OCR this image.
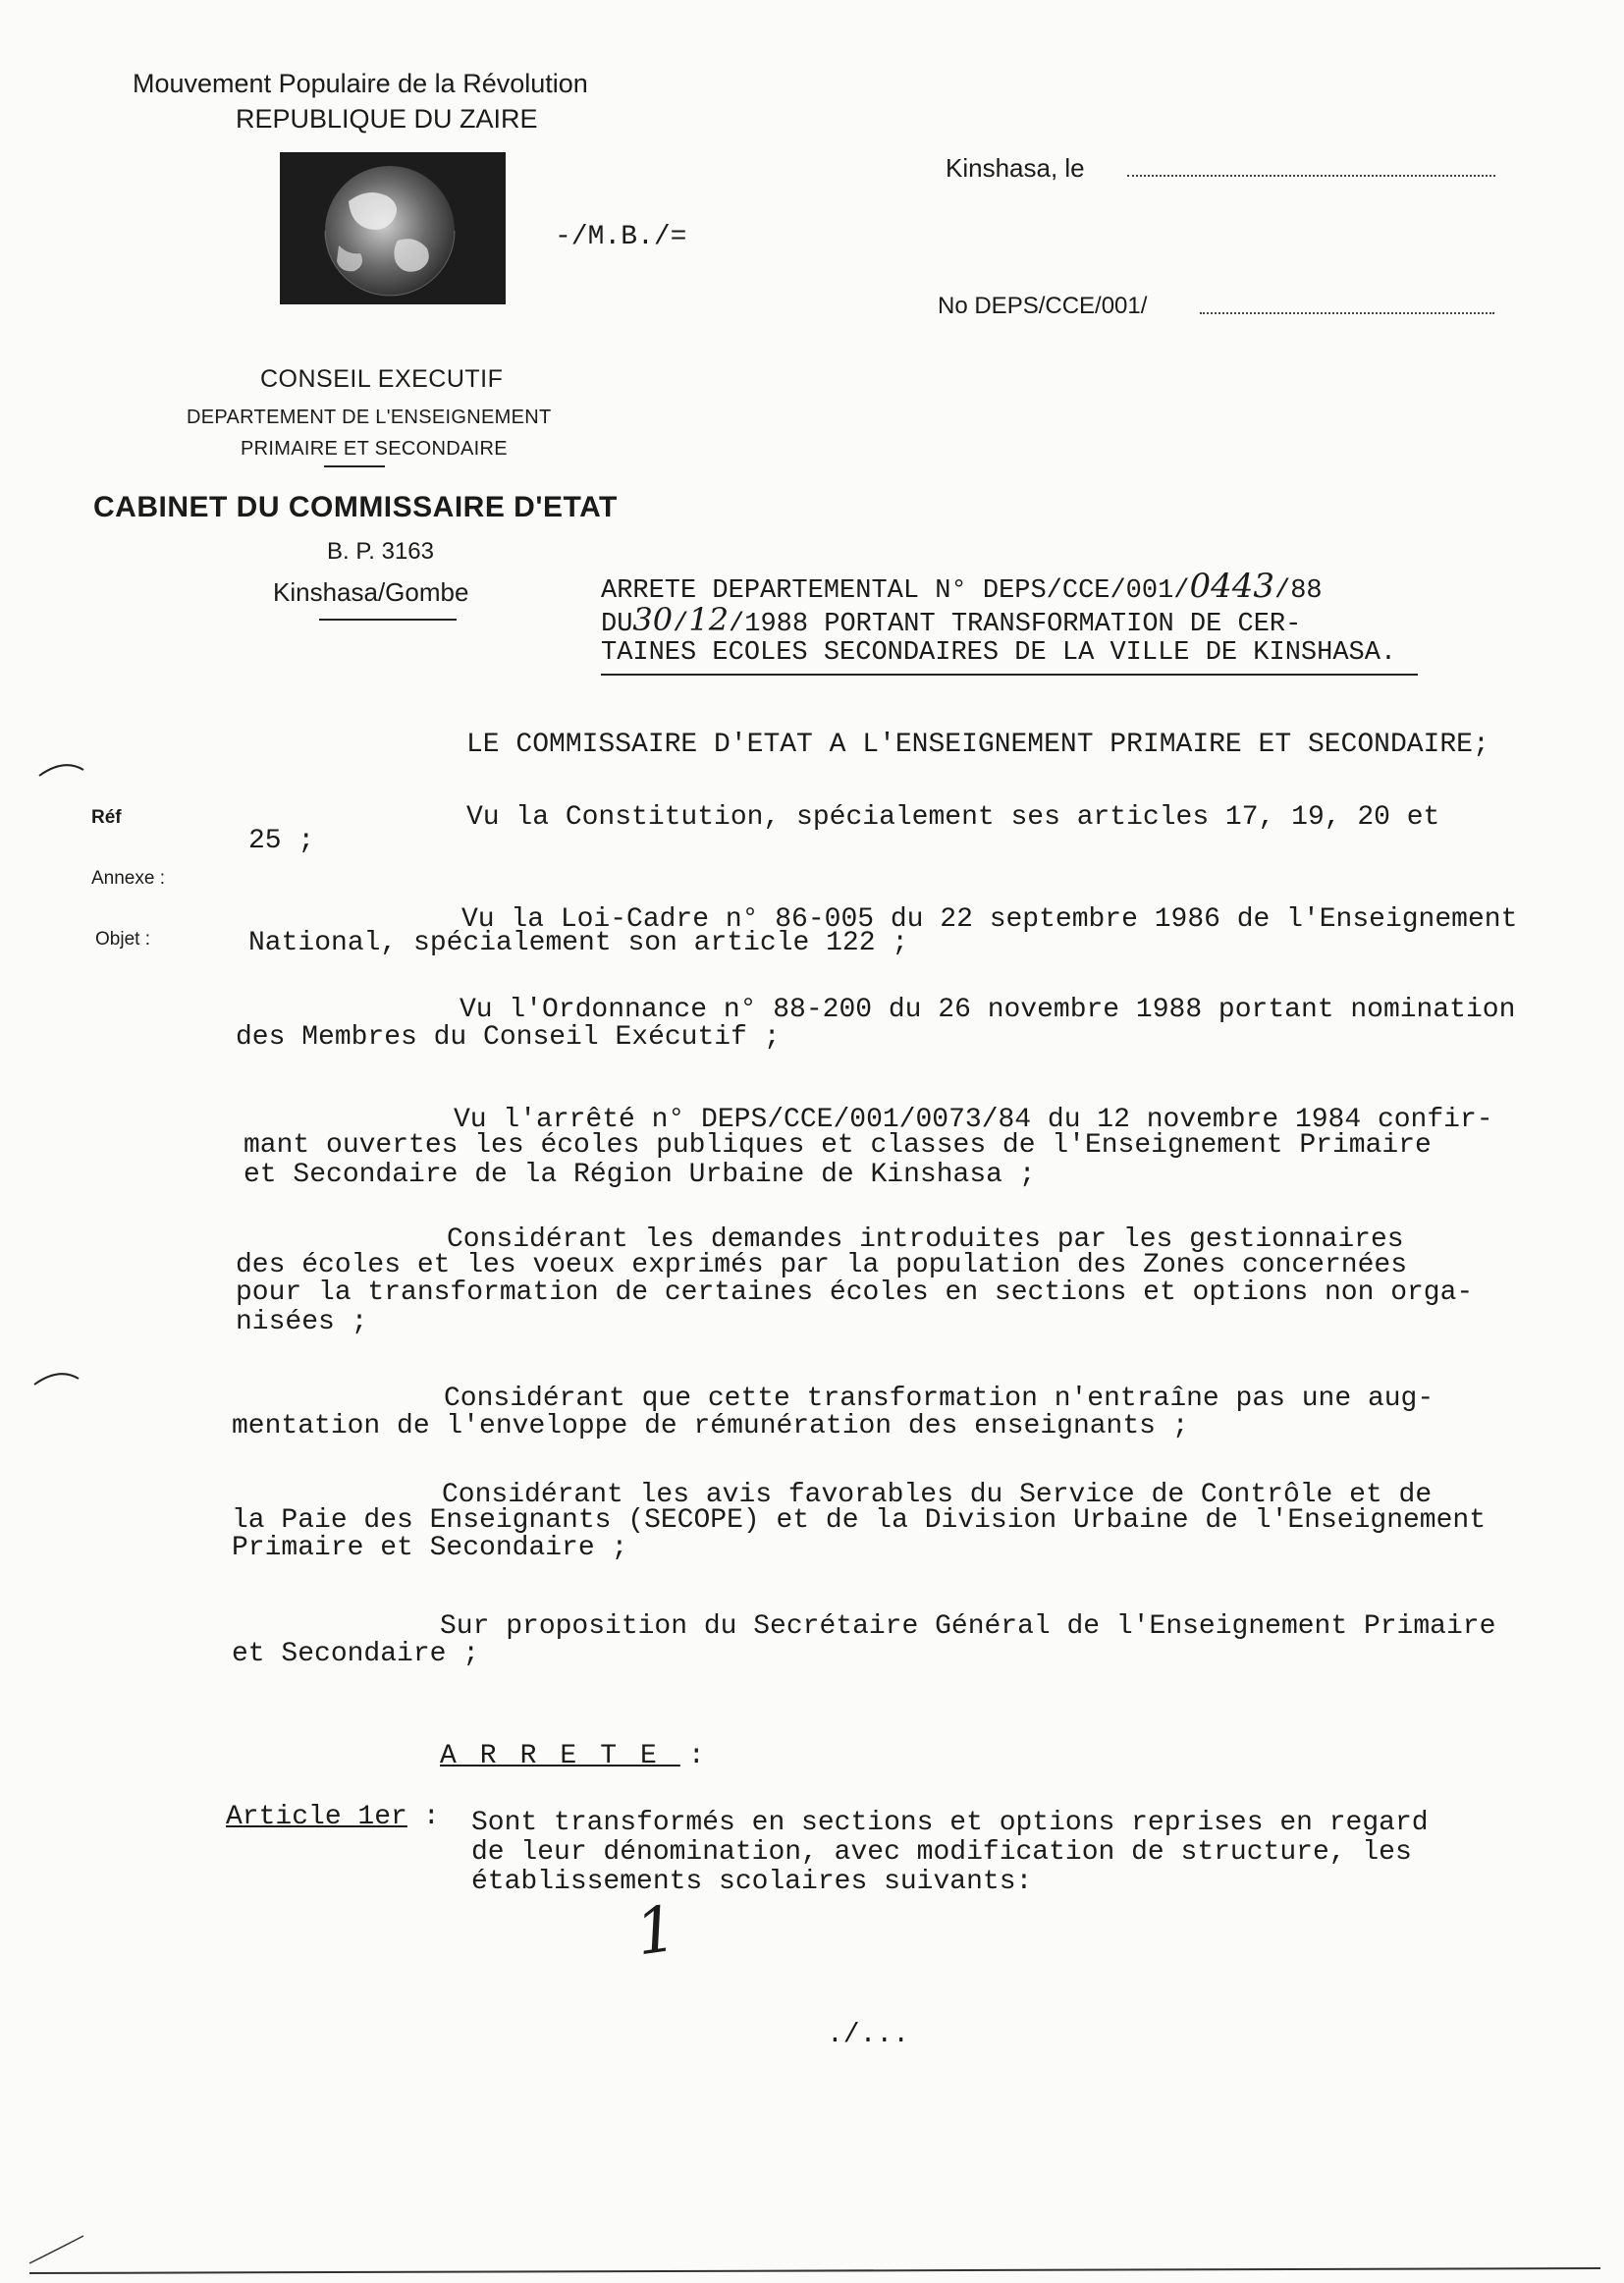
Mouvement Populaire de la Révolution
REPUBLIQUE DU ZAIRE
-/M.B./=
CONSEIL EXECUTIF
DEPARTEMENT DE L'ENSEIGNEMENT
PRIMAIRE ET SECONDAIRE
CABINET DU COMMISSAIRE D'ETAT
B. P. 3163
Kinshasa/Gombe
Kinshasa, le
No DEPS/CCE/001/
ARRETE DEPARTEMENTAL N° DEPS/CCE/001/0443/88
DU30/12/1988 PORTANT TRANSFORMATION DE CER-
TAINES ECOLES SECONDAIRES DE LA VILLE DE KINSHASA.
Réf
Annexe :
Objet :
LE COMMISSAIRE D'ETAT A L'ENSEIGNEMENT PRIMAIRE ET SECONDAIRE;
Vu la Constitution, spécialement ses articles 17, 19, 20 et
25 ;
Vu la Loi-Cadre n° 86-005 du 22 septembre 1986 de l'Enseignement
National, spécialement son article 122 ;
Vu l'Ordonnance n° 88-200 du 26 novembre 1988 portant nomination
des Membres du Conseil Exécutif ;
Vu l'arrêté n° DEPS/CCE/001/0073/84 du 12 novembre 1984 confir-
mant ouvertes les écoles publiques et classes de l'Enseignement Primaire
et Secondaire de la Région Urbaine de Kinshasa ;
Considérant les demandes introduites par les gestionnaires
des écoles et les voeux exprimés par la population des Zones concernées
pour la transformation de certaines écoles en sections et options non orga-
nisées ;
Considérant que cette transformation n'entraîne pas une aug-
mentation de l'enveloppe de rémunération des enseignants ;
Considérant les avis favorables du Service de Contrôle et de
la Paie des Enseignants (SECOPE) et de la Division Urbaine de l'Enseignement
Primaire et Secondaire ;
Sur proposition du Secrétaire Général de l'Enseignement Primaire
et Secondaire ;
ARRETE :
Article 1er : Sont transformés en sections et options reprises en regard
de leur dénomination, avec modification de structure, les
établissements scolaires suivants:
1
./...
